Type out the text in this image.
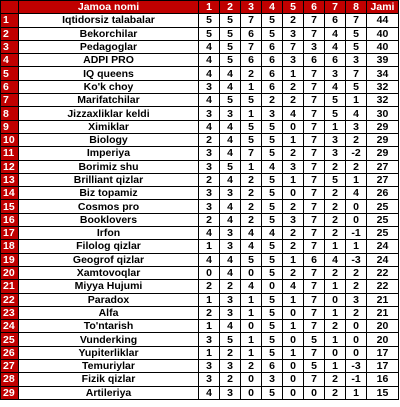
	Jamoa nomi	1	2	3	4	5	6	7	8	Jami
1	Iqtidorsiz talabalar	5	5	7	5	2	7	6	7	44
2	Bekorchilar	5	5	6	5	3	7	4	5	40
3	Pedagoglar	4	5	7	6	7	3	4	5	40
4	ADPI PRO	4	5	6	6	3	6	6	3	39
5	IQ queens	4	4	2	6	1	7	3	7	34
6	Ko'k choy	3	4	1	6	2	7	4	5	32
7	Marifatchilar	4	5	5	2	2	7	5	1	32
8	Jizzaxliklar keldi	3	3	1	3	4	7	5	4	30
9	Ximiklar	4	4	5	5	0	7	1	3	29
10	Biology	2	4	5	5	1	7	3	2	29
11	Imperiya	3	4	7	5	2	7	3	-2	29
12	Borimiz shu	3	5	1	4	3	7	2	2	27
13	Brilliant qizlar	2	4	2	5	1	7	5	1	27
14	Biz topamiz	3	3	2	5	0	7	2	4	26
15	Cosmos pro	3	4	2	5	2	7	2	0	25
16	Booklovers	2	4	2	5	3	7	2	0	25
17	Irfon	4	3	4	4	2	7	2	-1	25
18	Filolog qizlar	1	3	4	5	2	7	1	1	24
19	Geogrof qizlar	4	4	5	5	1	6	4	-3	24
20	Xamtovoqlar	0	4	0	5	2	7	2	2	22
21	Miyya Hujumi	2	2	4	0	4	7	1	2	22
22	Paradox	1	3	1	5	1	7	0	3	21
23	Alfa	2	3	1	5	0	7	1	2	21
24	To'ntarish	1	4	0	5	1	7	2	0	20
25	Vunderking	3	5	1	5	0	5	1	0	20
26	Yupiterliklar	1	2	1	5	1	7	0	0	17
27	Temuriylar	3	3	2	6	0	5	1	-3	17
28	Fizik qizlar	3	2	0	3	0	7	2	-1	16
29	Artileriya	4	3	0	5	0	0	2	1	15
